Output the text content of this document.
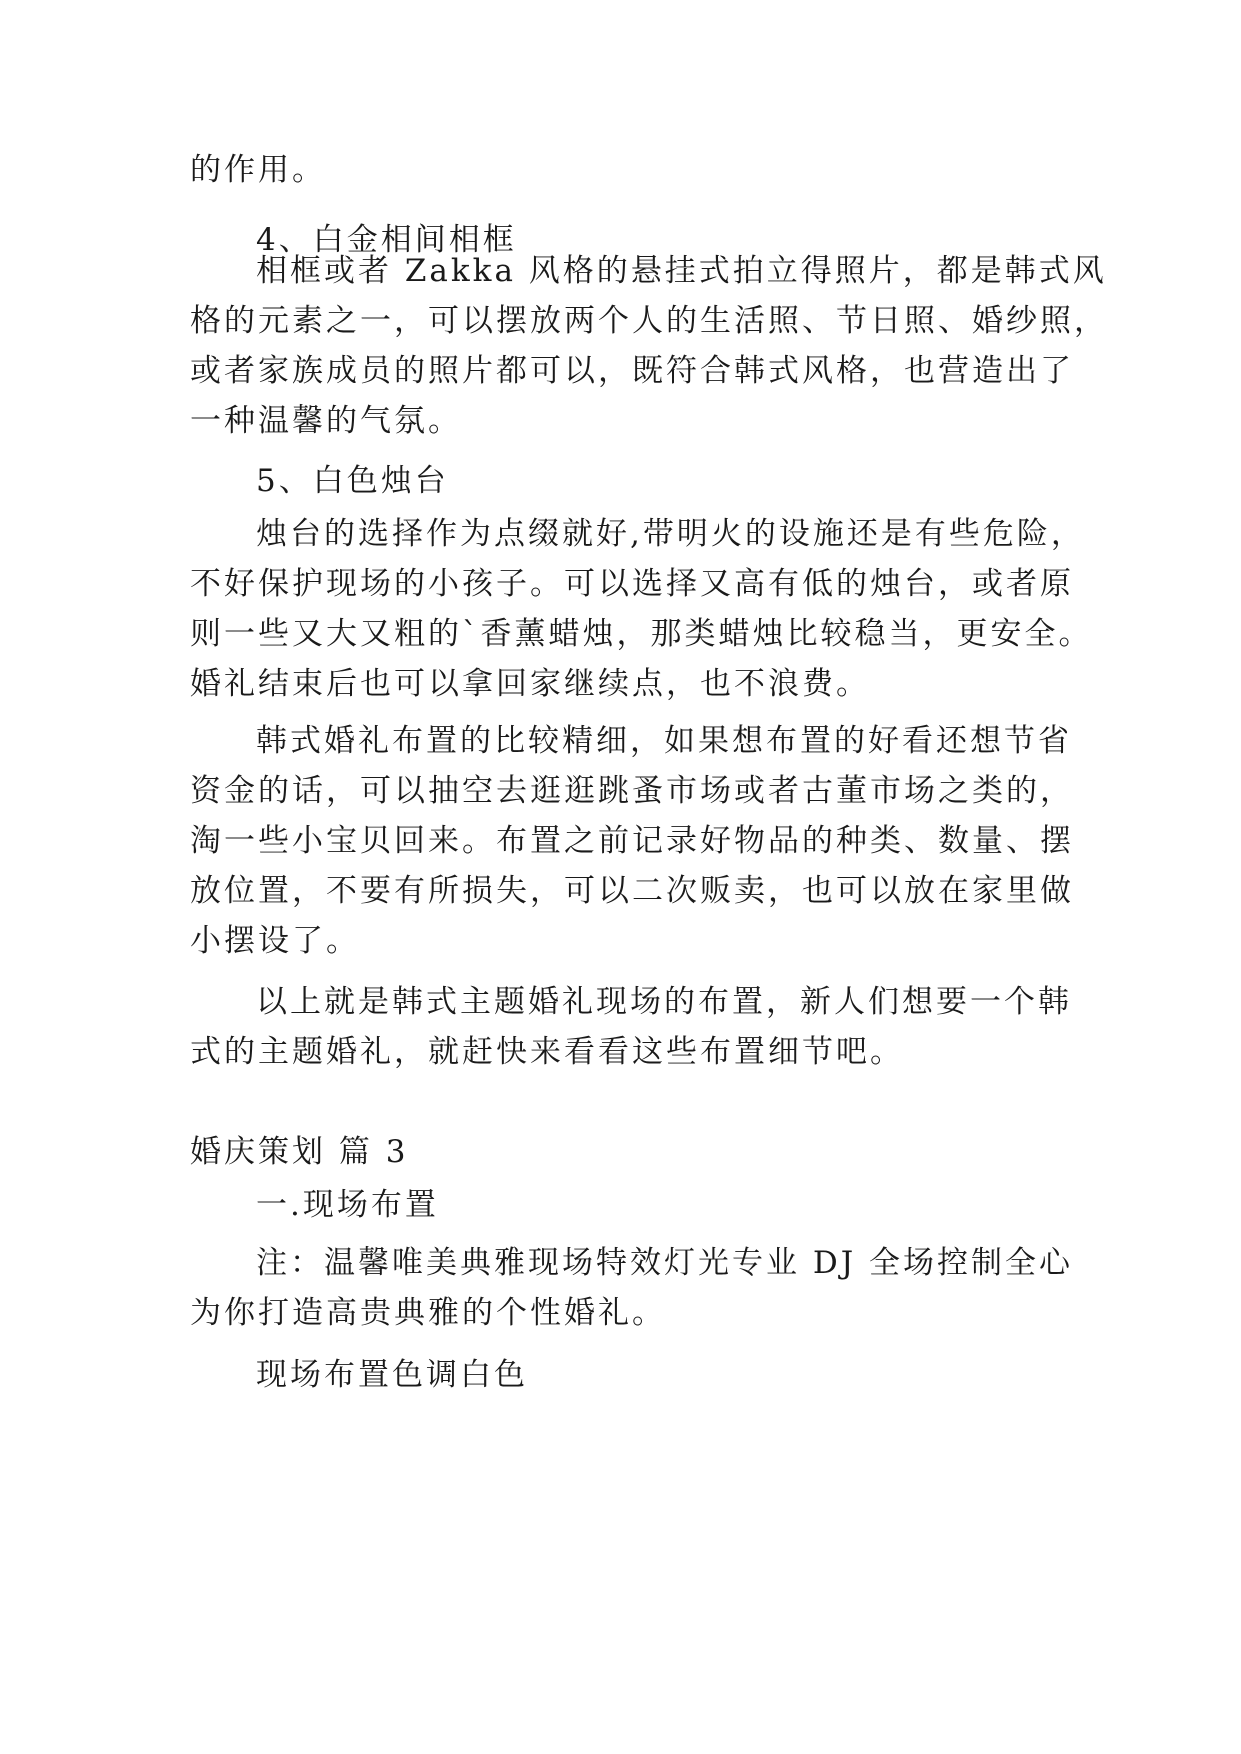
的作用。

4、白金相间相框

相框或者 Zakka 风格的悬挂式拍立得照片，都是韩式风

格的元素之一，可以摆放两个人的生活照、节日照、婚纱照，

或者家族成员的照片都可以，既符合韩式风格，也营造出了

一种温馨的气氛。

5、白色烛台

烛台的选择作为点缀就好,带明火的设施还是有些危险，

不好保护现场的小孩子。可以选择又高有低的烛台，或者原

则一些又大又粗的`香薰蜡烛，那类蜡烛比较稳当，更安全。

婚礼结束后也可以拿回家继续点，也不浪费。

韩式婚礼布置的比较精细，如果想布置的好看还想节省

资金的话，可以抽空去逛逛跳蚤市场或者古董市场之类的，

淘一些小宝贝回来。布置之前记录好物品的种类、数量、摆

放位置，不要有所损失，可以二次贩卖，也可以放在家里做

小摆设了。

以上就是韩式主题婚礼现场的布置，新人们想要一个韩

式的主题婚礼，就赶快来看看这些布置细节吧。

婚庆策划 篇 3

一.现场布置

注：温馨唯美典雅现场特效灯光专业 DJ 全场控制全心

为你打造高贵典雅的个性婚礼。

现场布置色调白色
